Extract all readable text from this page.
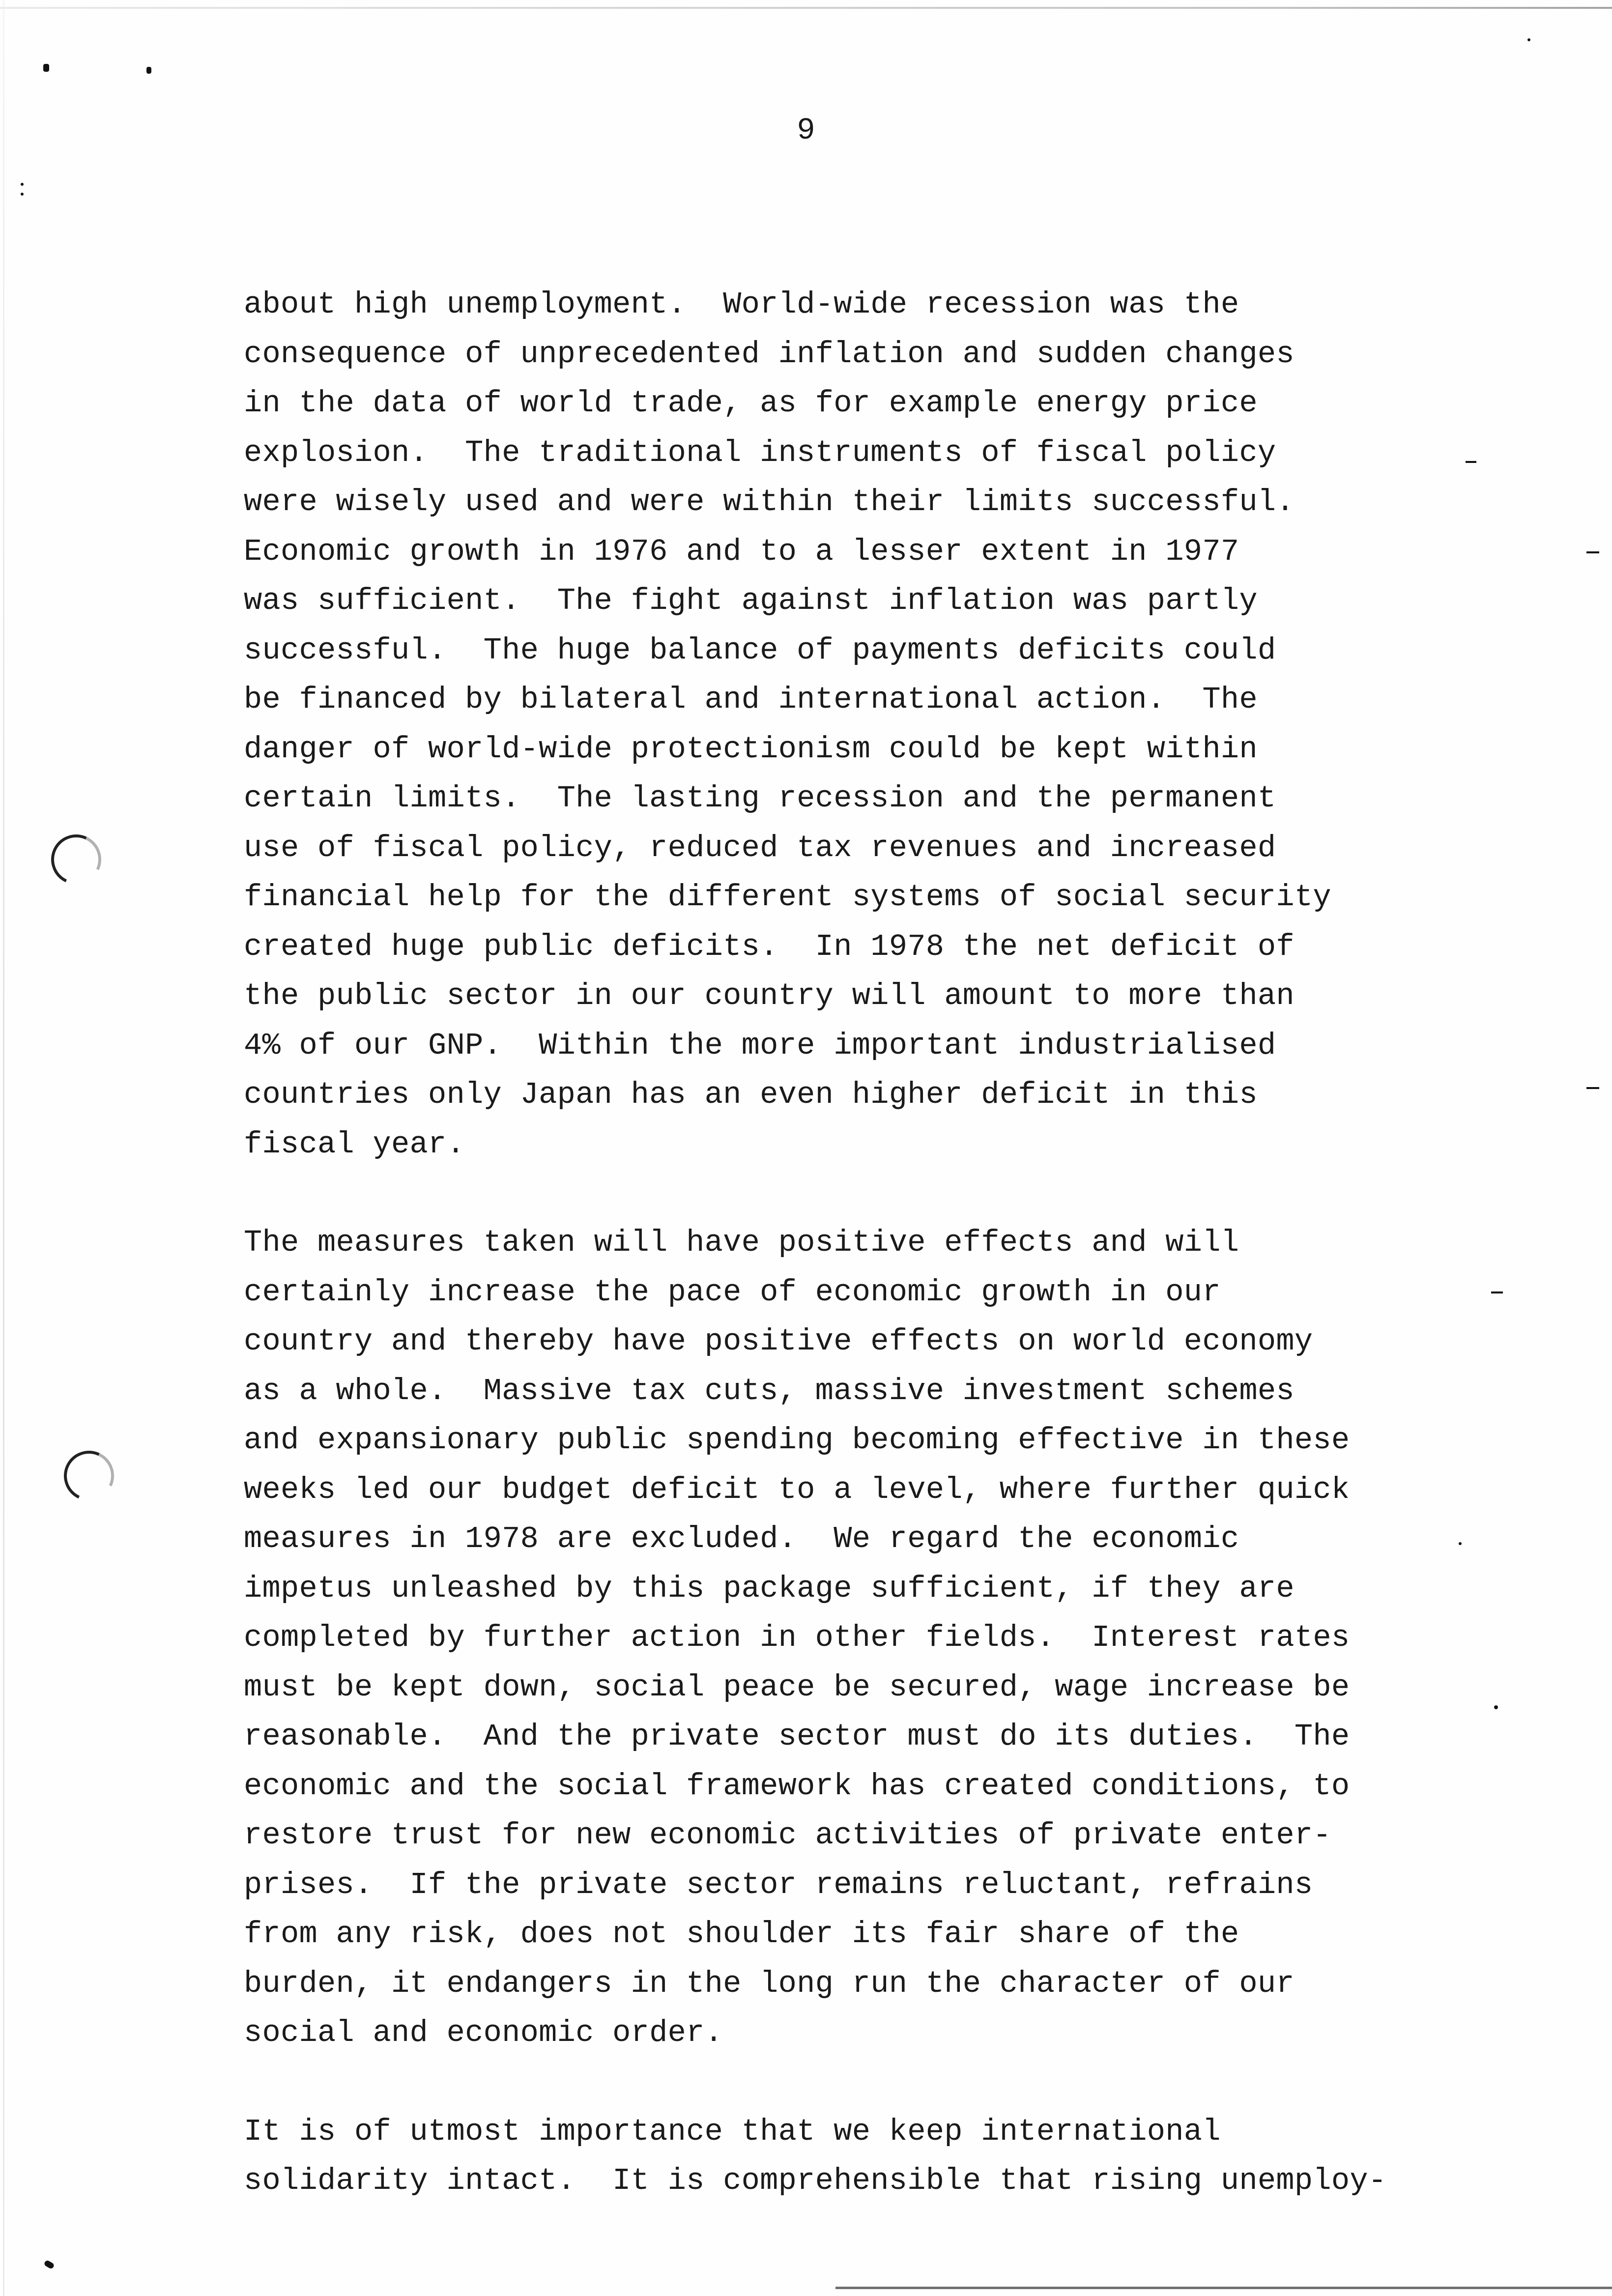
9
about high unemployment.  World-wide recession was the
consequence of unprecedented inflation and sudden changes
in the data of world trade, as for example energy price
explosion.  The traditional instruments of fiscal policy
were wisely used and were within their limits successful.
Economic growth in 1976 and to a lesser extent in 1977
was sufficient.  The fight against inflation was partly
successful.  The huge balance of payments deficits could
be financed by bilateral and international action.  The
danger of world-wide protectionism could be kept within
certain limits.  The lasting recession and the permanent
use of fiscal policy, reduced tax revenues and increased
financial help for the different systems of social security
created huge public deficits.  In 1978 the net deficit of
the public sector in our country will amount to more than
4% of our GNP.  Within the more important industrialised
countries only Japan has an even higher deficit in this
fiscal year.
The measures taken will have positive effects and will
certainly increase the pace of economic growth in our
country and thereby have positive effects on world economy
as a whole.  Massive tax cuts, massive investment schemes
and expansionary public spending becoming effective in these
weeks led our budget deficit to a level, where further quick
measures in 1978 are excluded.  We regard the economic
impetus unleashed by this package sufficient, if they are
completed by further action in other fields.  Interest rates
must be kept down, social peace be secured, wage increase be
reasonable.  And the private sector must do its duties.  The
economic and the social framework has created conditions, to
restore trust for new economic activities of private enter-
prises.  If the private sector remains reluctant, refrains
from any risk, does not shoulder its fair share of the
burden, it endangers in the long run the character of our
social and economic order.
It is of utmost importance that we keep international
solidarity intact.  It is comprehensible that rising unemploy-
